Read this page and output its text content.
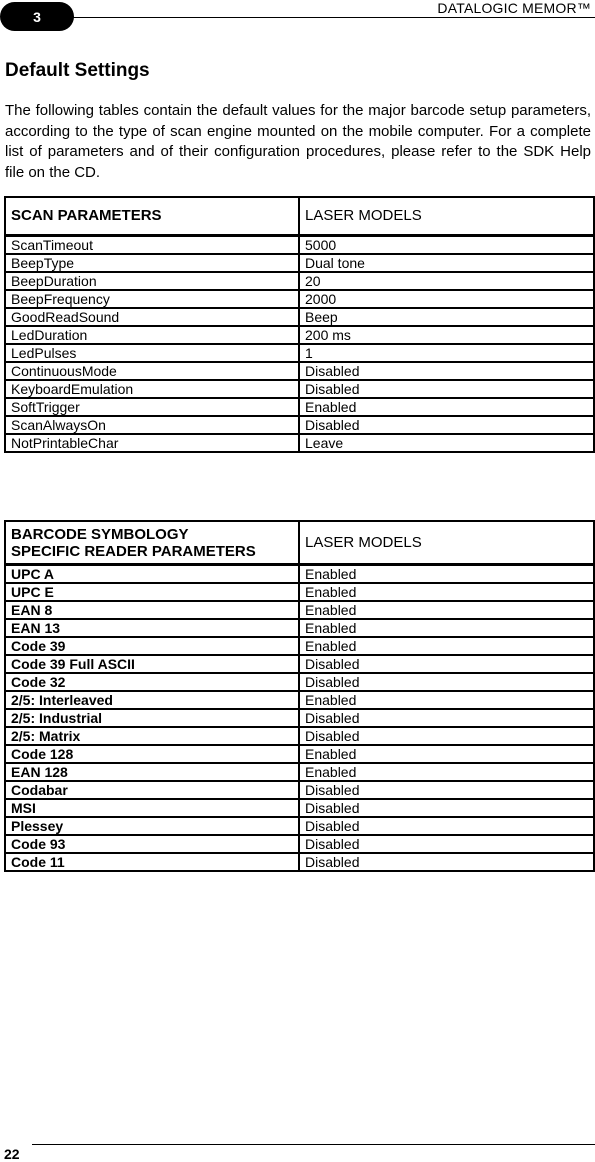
3
DATALOGIC MEMOR™
Default Settings

The following tables contain the default values for the major barcode setup parameters, according to the type of scan engine mounted on the mobile computer. For a complete list of parameters and of their configuration procedures, please refer to the SDK Help file on the CD.

SCAN PARAMETERS	LASER MODELS
ScanTimeout	5000
BeepType	Dual tone
BeepDuration	20
BeepFrequency	2000
GoodReadSound	Beep
LedDuration	200 ms
LedPulses	1
ContinuousMode	Disabled
KeyboardEmulation	Disabled
SoftTrigger	Enabled
ScanAlwaysOn	Disabled
NotPrintableChar	Leave
BARCODE SYMBOLOGY
SPECIFIC READER PARAMETERS	LASER MODELS
UPC A	Enabled
UPC E	Enabled
EAN 8	Enabled
EAN 13	Enabled
Code 39	Enabled
Code 39 Full ASCII	Disabled
Code 32	Disabled
2/5: Interleaved	Enabled
2/5: Industrial	Disabled
2/5: Matrix	Disabled
Code 128	Enabled
EAN 128	Enabled
Codabar	Disabled
MSI	Disabled
Plessey	Disabled
Code 93	Disabled
Code 11	Disabled
22
